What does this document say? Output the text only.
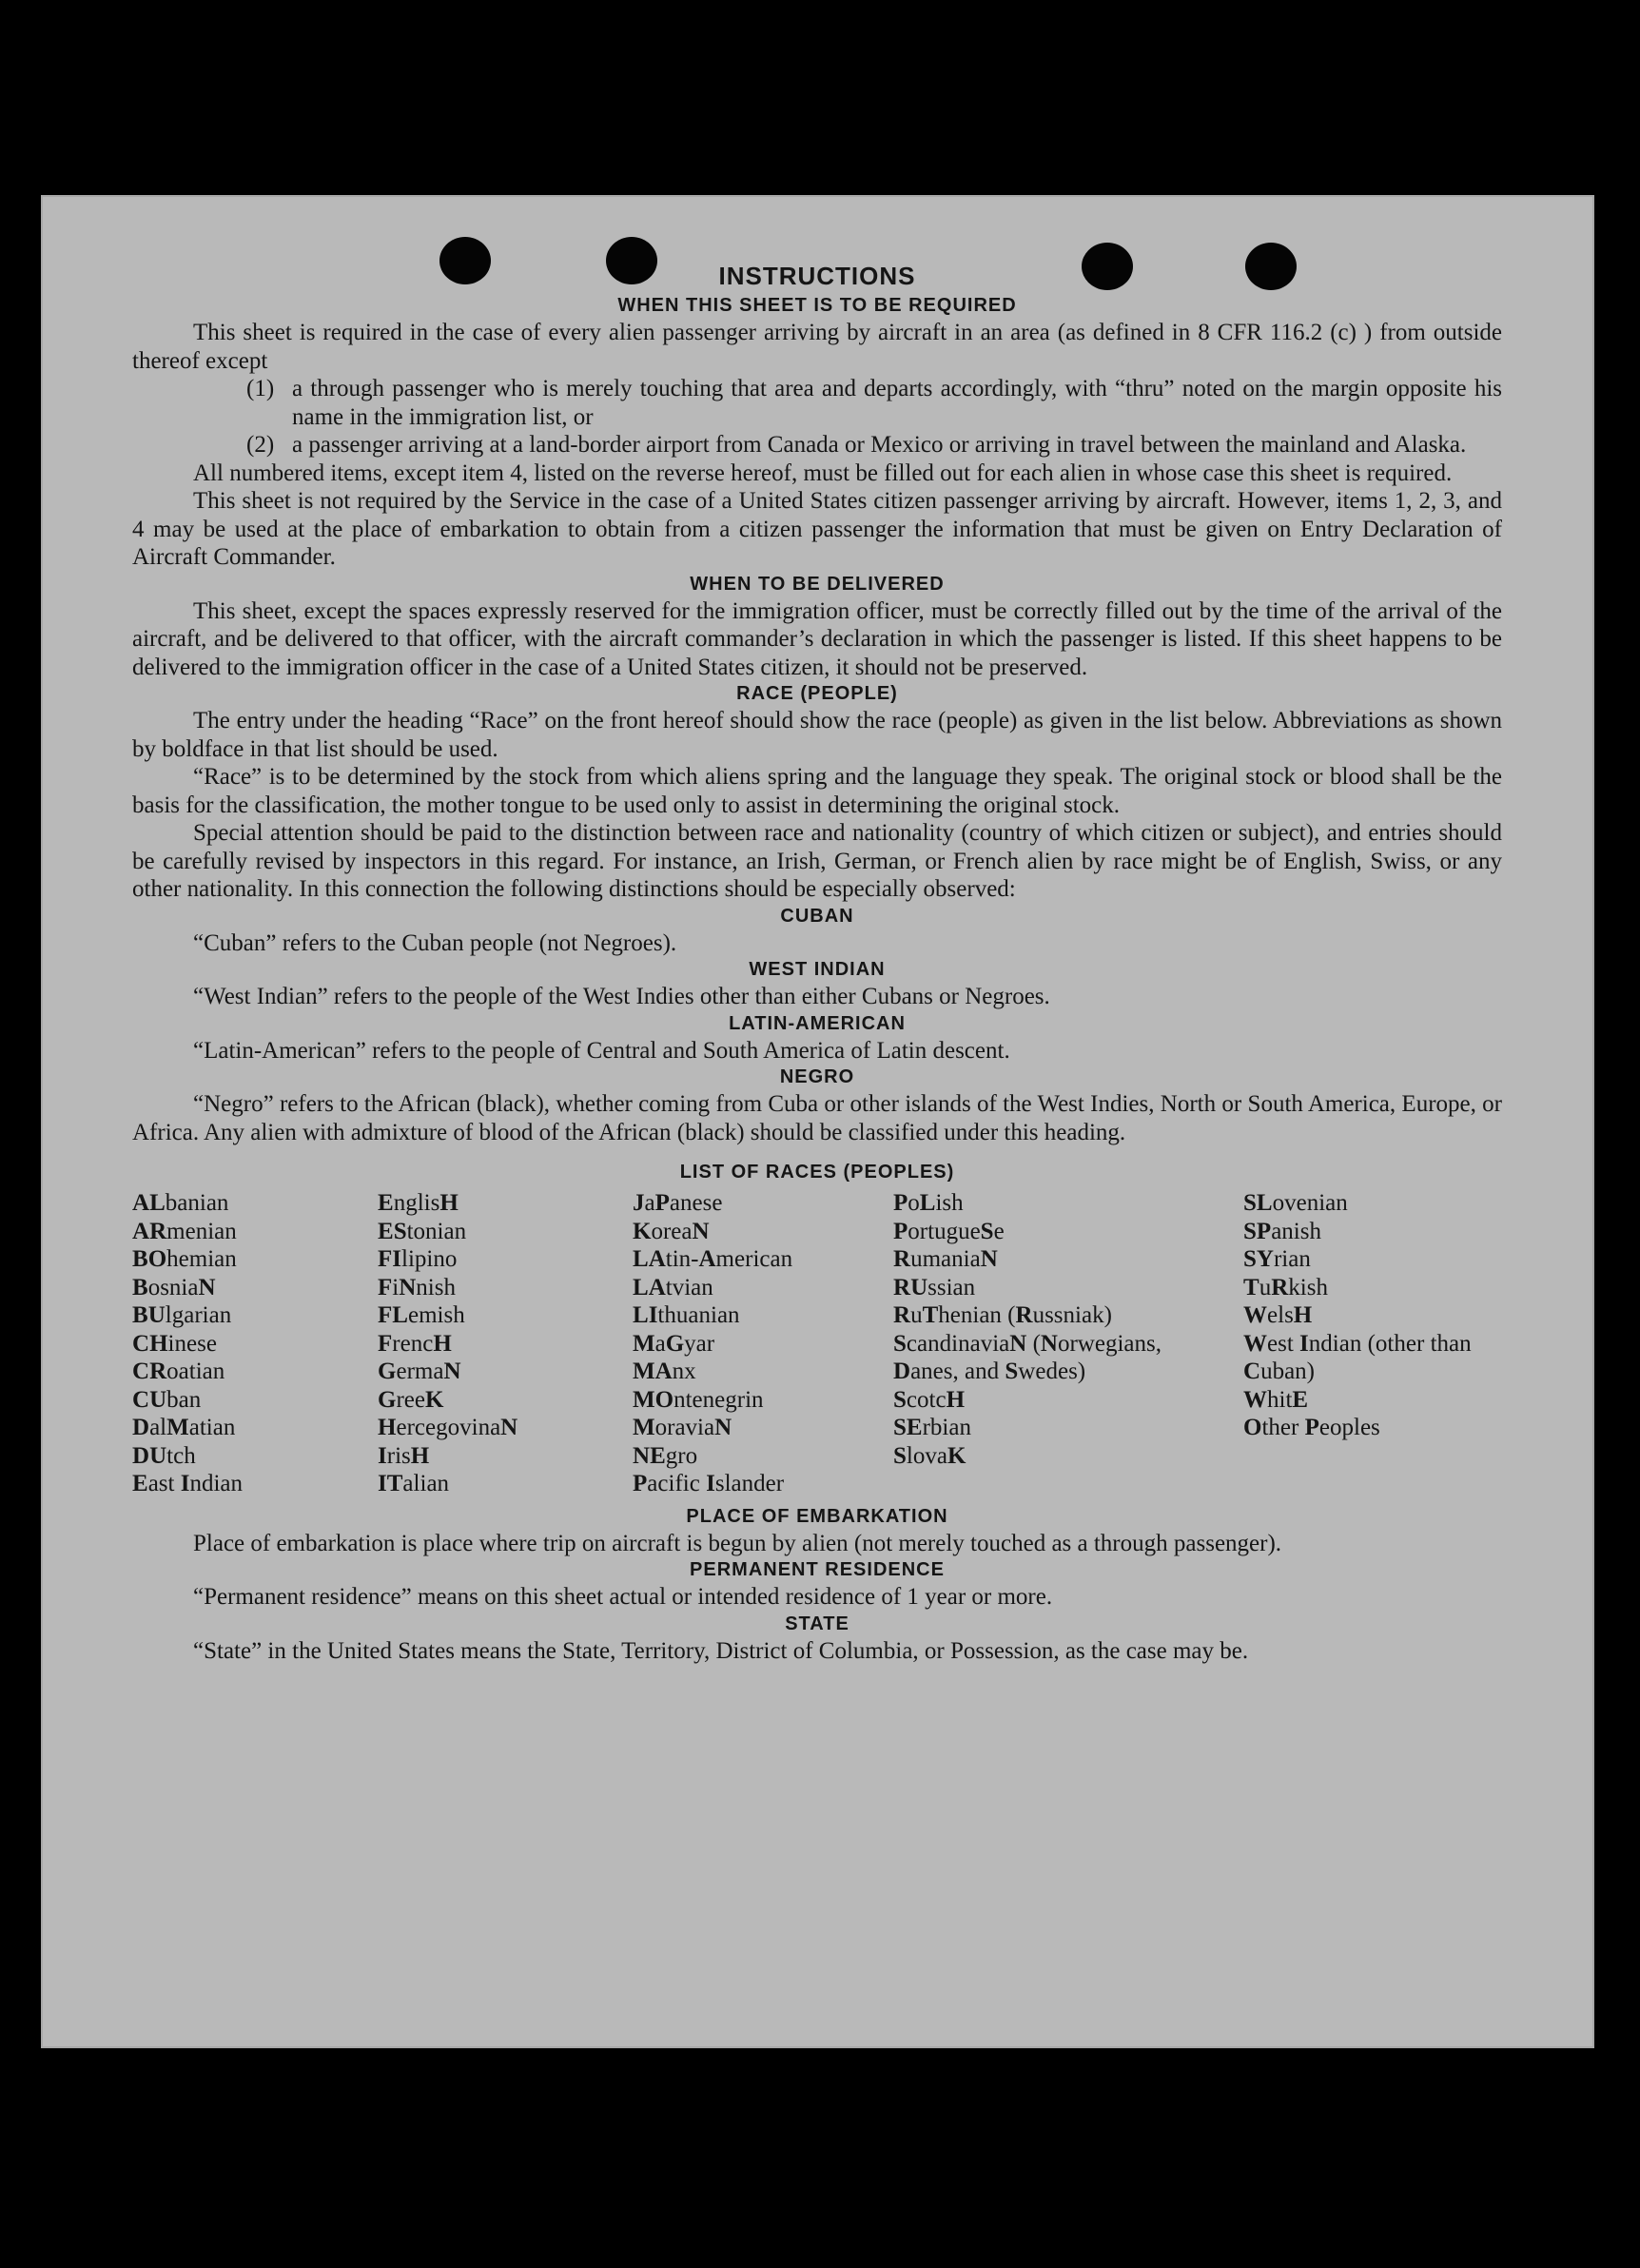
INSTRUCTIONS
WHEN THIS SHEET IS TO BE REQUIRED

This sheet is required in the case of every alien passenger arriving by aircraft in an area (as defined in 8 CFR 116.2 (c) ) from outside thereof except

(1) a through passenger who is merely touching that area and departs accordingly, with “thru” noted on the margin opposite his name in the immigration list, or
(2) a passenger arriving at a land-border airport from Canada or Mexico or arriving in travel between the mainland and Alaska.

All numbered items, except item 4, listed on the reverse hereof, must be filled out for each alien in whose case this sheet is required.

This sheet is not required by the Service in the case of a United States citizen passenger arriving by aircraft. However, items 1, 2, 3, and 4 may be used at the place of embarkation to obtain from a citizen passenger the information that must be given on Entry Declaration of Aircraft Commander.

WHEN TO BE DELIVERED

This sheet, except the spaces expressly reserved for the immigration officer, must be correctly filled out by the time of the arrival of the aircraft, and be delivered to that officer, with the aircraft commander’s declaration in which the passenger is listed. If this sheet happens to be delivered to the immigration officer in the case of a United States citizen, it should not be preserved.

RACE (PEOPLE)

The entry under the heading “Race” on the front hereof should show the race (people) as given in the list below. Abbreviations as shown by boldface in that list should be used.

“Race” is to be determined by the stock from which aliens spring and the language they speak. The original stock or blood shall be the basis for the classification, the mother tongue to be used only to assist in determining the original stock.

Special attention should be paid to the distinction between race and nationality (country of which citizen or subject), and entries should be carefully revised by inspectors in this regard. For instance, an Irish, German, or French alien by race might be of English, Swiss, or any other nationality. In this connection the following distinctions should be especially observed:

CUBAN

“Cuban” refers to the Cuban people (not Negroes).

WEST INDIAN

“West Indian” refers to the people of the West Indies other than either Cubans or Negroes.

LATIN-AMERICAN

“Latin-American” refers to the people of Central and South America of Latin descent.

NEGRO

“Negro” refers to the African (black), whether coming from Cuba or other islands of the West Indies, North or South America, Europe, or Africa. Any alien with admixture of blood of the African (black) should be classified under this heading.

LIST OF RACES (PEOPLES)
ALbanian
ARmenian
BOhemian
BosniaN
BUlgarian
CHinese
CRoatian
CUban
DalMatian
DUtch
East Indian
EnglisH
EStonian
FIlipino
FiNnish
FLemish
FrencH
GermaN
GreeK
HercegovinaN
IrisH
ITalian
JaPanese
KoreaN
LAtin-American
LAtvian
LIthuanian
MaGyar
MAnx
MOntenegrin
MoraviaN
NEgro
Pacific Islander
PoLish
PortugueSe
RumaniaN
RUssian
RuThenian (Russniak)
ScandinaviaN (Norwegians, Danes, and Swedes)
ScotcH
SErbian
SlovaK
SLovenian
SPanish
SYrian
TuRkish
WelsH
West Indian (other than Cuban)
WhitE
Other Peoples
PLACE OF EMBARKATION

Place of embarkation is place where trip on aircraft is begun by alien (not merely touched as a through passenger).

PERMANENT RESIDENCE

“Permanent residence” means on this sheet actual or intended residence of 1 year or more.

STATE

“State” in the United States means the State, Territory, District of Columbia, or Possession, as the case may be.
